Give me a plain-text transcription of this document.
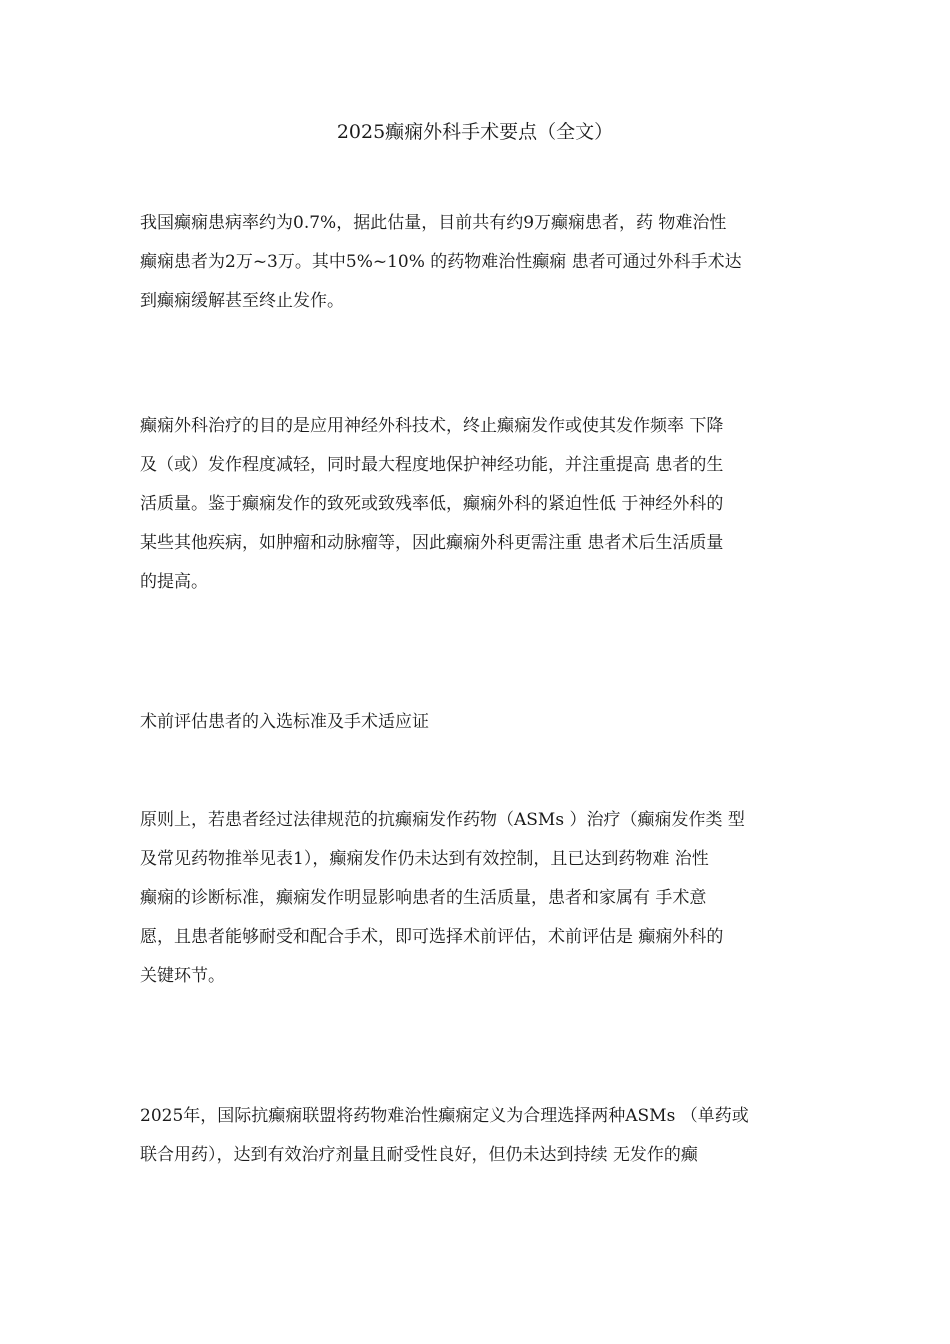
2025癫痫外科手术要点（全文）

我国癫痫患病率约为0.7%，据此估量，目前共有约9万癫痫患者，药 物难治性
癫痫患者为2万~3万。其中5%~10% 的药物难治性癫痫 患者可通过外科手术达
到癫痫缓解甚至终止发作。

癫痫外科治疗的目的是应用神经外科技术，终止癫痫发作或使其发作频率 下降
及（或）发作程度减轻，同时最大程度地保护神经功能，并注重提高 患者的生
活质量。鉴于癫痫发作的致死或致残率低，癫痫外科的紧迫性低 于神经外科的
某些其他疾病，如肿瘤和动脉瘤等，因此癫痫外科更需注重 患者术后生活质量
的提高。

术前评估患者的入选标准及手术适应证

原则上，若患者经过法律规范的抗癫痫发作药物（ASMs ）治疗（癫痫发作类 型
及常见药物推举见表1），癫痫发作仍未达到有效控制，且已达到药物难 治性
癫痫的诊断标准，癫痫发作明显影响患者的生活质量，患者和家属有 手术意
愿，且患者能够耐受和配合手术，即可选择术前评估，术前评估是 癫痫外科的
关键环节。

2025年，国际抗癫痫联盟将药物难治性癫痫定义为合理选择两种ASMs （单药或
联合用药），达到有效治疗剂量且耐受性良好，但仍未达到持续 无发作的癫
